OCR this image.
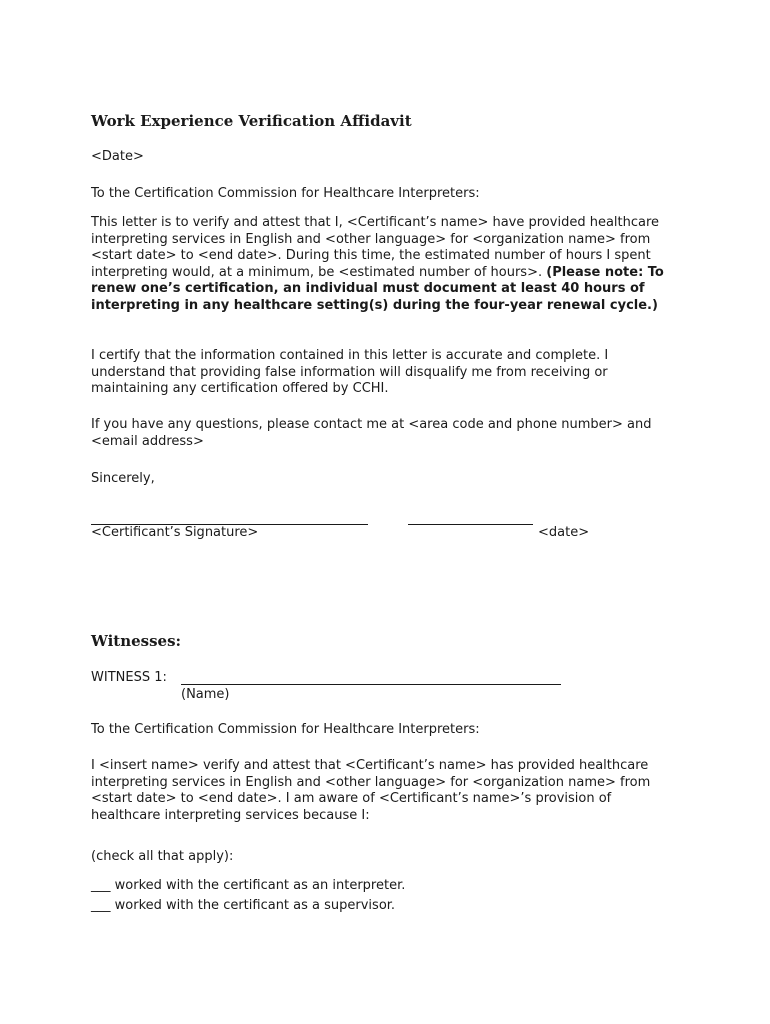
Work Experience Verification Affidavit
<Date>
To the Certification Commission for Healthcare Interpreters:

This letter is to verify and attest that I, <Certificant’s name> have provided healthcare interpreting services in English and <other language> for <organization name> from <start date> to <end date>. During this time, the estimated number of hours I spent interpreting would, at a minimum, be <estimated number of hours>. (Please note: To renew one’s certification, an individual must document at least 40 hours of interpreting in any healthcare setting(s) during the four-year renewal cycle.)

I certify that the information contained in this letter is accurate and complete. I understand that providing false information will disqualify me from receiving or maintaining any certification offered by CCHI.

If you have any questions, please contact me at <area code and phone number> and <email address>

Sincerely,
<Certificant’s Signature>	<date>
Witnesses:
WITNESS 1:
(Name)
To the Certification Commission for Healthcare Interpreters:

I <insert name> verify and attest that <Certificant’s name> has provided healthcare interpreting services in English and <other language> for <organization name> from <start date> to <end date>. I am aware of <Certificant’s name>’s provision of healthcare interpreting services because I:

(check all that apply):
___ worked with the certificant as an interpreter.
___ worked with the certificant as a supervisor.
